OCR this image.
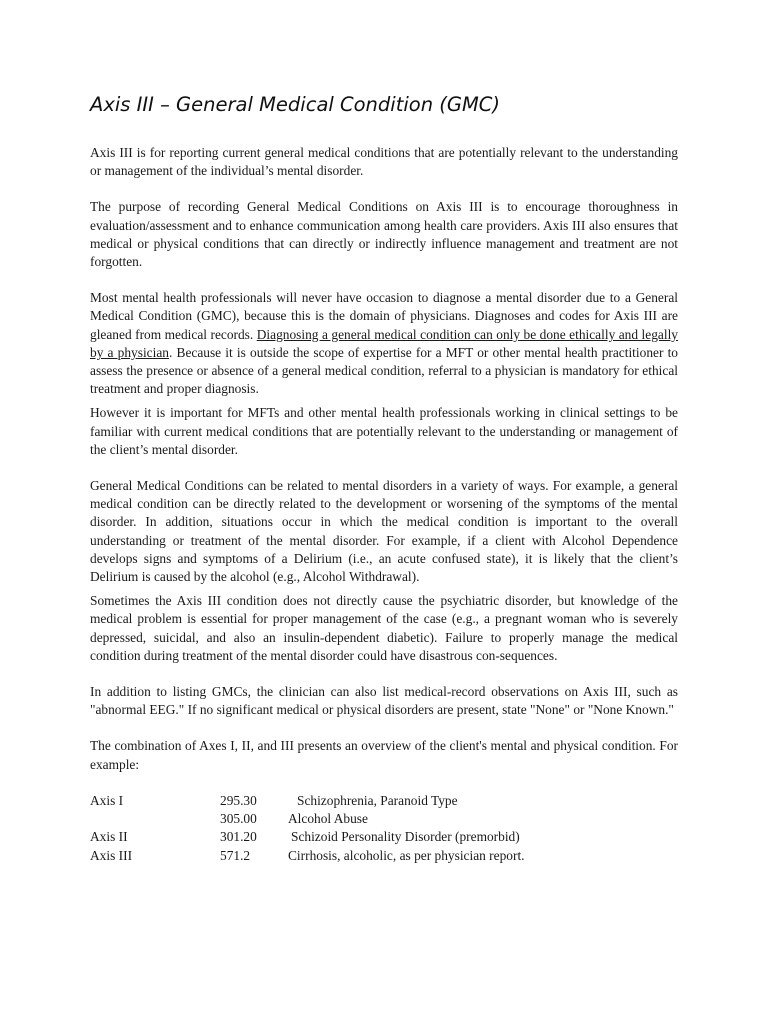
Axis III – General Medical Condition (GMC)

Axis III is for reporting current general medical conditions that are potentially relevant to the understanding or management of the individual’s mental disorder.

The purpose of recording General Medical Conditions on Axis III is to encourage thoroughness in evaluation/assessment and to enhance communication among health care providers. Axis III also ensures that medical or physical conditions that can directly or indirectly influence management and treatment are not forgotten.

Most mental health professionals will never have occasion to diagnose a mental disorder due to a General Medical Condition (GMC), because this is the domain of physicians. Diagnoses and codes for Axis III are gleaned from medical records. Diagnosing a general medical condition can only be done ethically and legally by a physician. Because it is outside the scope of expertise for a MFT or other mental health practitioner to assess the presence or absence of a general medical condition, referral to a physician is mandatory for ethical treatment and proper diagnosis.

However it is important for MFTs and other mental health professionals working in clinical settings to be familiar with current medical conditions that are potentially relevant to the understanding or management of the client’s mental disorder.

General Medical Conditions can be related to mental disorders in a variety of ways. For example, a general medical condition can be directly related to the development or worsening of the symptoms of the mental disorder. In addition, situations occur in which the medical condition is important to the overall understanding or treatment of the mental disorder. For example, if a client with Alcohol Dependence develops signs and symptoms of a Delirium (i.e., an acute confused state), it is likely that the client’s Delirium is caused by the alcohol (e.g., Alcohol Withdrawal).

Sometimes the Axis III condition does not directly cause the psychiatric disorder, but knowledge of the medical problem is essential for proper management of the case (e.g., a pregnant woman who is severely depressed, suicidal, and also an insulin-dependent diabetic). Failure to properly manage the medical condition during treatment of the mental disorder could have disastrous con-sequences.

In addition to listing GMCs, the clinician can also list medical-record observations on Axis III, such as "abnormal EEG." If no significant medical or physical disorders are present, state "None" or "None Known."

The combination of Axes I, II, and III presents an overview of the client's mental and physical condition. For example:

Axis I	295.30	Schizophrenia, Paranoid Type
	305.00	Alcohol Abuse
Axis II	301.20	Schizoid Personality Disorder (premorbid)
Axis III	571.2	Cirrhosis, alcoholic, as per physician report.
